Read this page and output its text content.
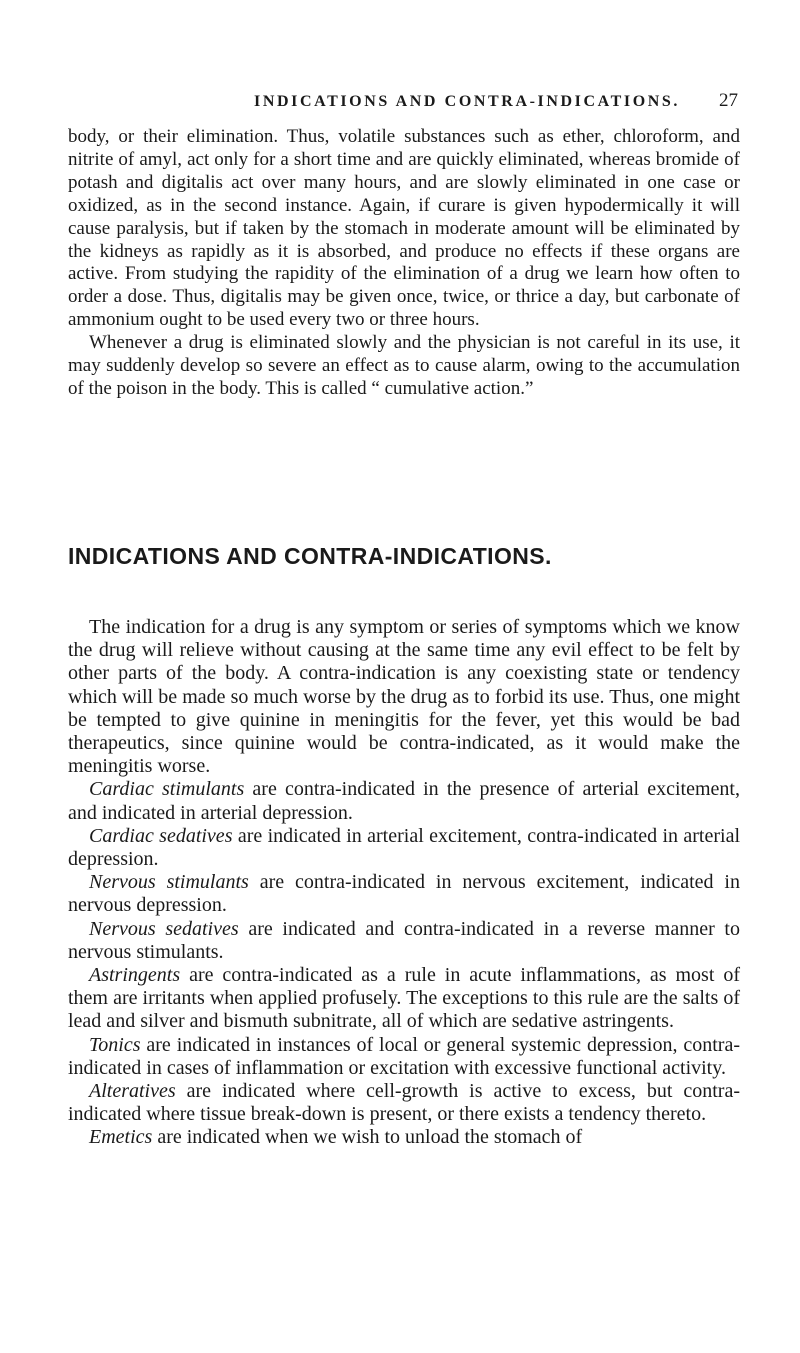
INDICATIONS AND CONTRA-INDICATIONS. 27

body, or their elimination. Thus, volatile substances such as ether, chloroform, and nitrite of amyl, act only for a short time and are quickly eliminated, whereas bromide of potash and digitalis act over many hours, and are slowly eliminated in one case or oxidized, as in the second instance. Again, if curare is given hypodermically it will cause paralysis, but if taken by the stomach in moderate amount will be eliminated by the kidneys as rapidly as it is absorbed, and produce no effects if these organs are active. From studying the rapidity of the elimination of a drug we learn how often to order a dose. Thus, digitalis may be given once, twice, or thrice a day, but carbonate of ammonium ought to be used every two or three hours.

Whenever a drug is eliminated slowly and the physician is not careful in its use, it may suddenly develop so severe an effect as to cause alarm, owing to the accumulation of the poison in the body. This is called “ cumulative action.”

INDICATIONS AND CONTRA-INDICATIONS.

The indication for a drug is any symptom or series of symptoms which we know the drug will relieve without causing at the same time any evil effect to be felt by other parts of the body. A contra-indication is any coexisting state or tendency which will be made so much worse by the drug as to forbid its use. Thus, one might be tempted to give quinine in meningitis for the fever, yet this would be bad therapeutics, since quinine would be contra-indicated, as it would make the meningitis worse.

Cardiac stimulants are contra-indicated in the presence of arterial excitement, and indicated in arterial depression.

Cardiac sedatives are indicated in arterial excitement, contra-indicated in arterial depression.

Nervous stimulants are contra-indicated in nervous excitement, indicated in nervous depression.

Nervous sedatives are indicated and contra-indicated in a reverse manner to nervous stimulants.

Astringents are contra-indicated as a rule in acute inflammations, as most of them are irritants when applied profusely. The exceptions to this rule are the salts of lead and silver and bismuth subnitrate, all of which are sedative astringents.

Tonics are indicated in instances of local or general systemic depression, contra-indicated in cases of inflammation or excitation with excessive functional activity.

Alteratives are indicated where cell-growth is active to excess, but contra-indicated where tissue break-down is present, or there exists a tendency thereto.

Emetics are indicated when we wish to unload the stomach of
